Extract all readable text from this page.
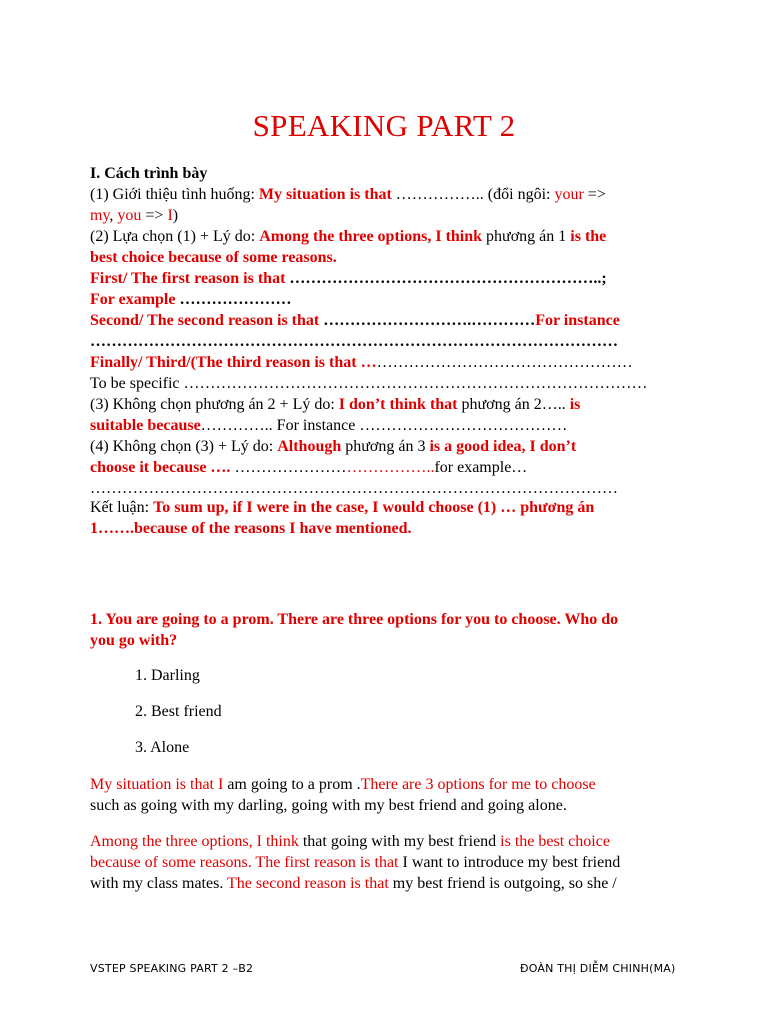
SPEAKING PART 2
I. Cách trình bày
(1) Giới thiệu tình huống: My situation is that …………….. (đổi ngôi: your =>
my, you => I)
(2) Lựa chọn (1) + Lý do: Among the three options, I think phương án 1 is the
best choice because of some reasons.
First/ The first reason is that …………………………………………………..;
For example …………………
Second/ The second reason is that ……………………….…………For instance
………………………………………………………………………………………
Finally/ Third/(The third reason is that ……………………………………………
To be specific ……………………………………………………………………………
(3) Không chọn phương án 2 + Lý do: I don’t think that phương án 2….. is
suitable because………….. For instance …………………………………
(4) Không chọn (3) + Lý do: Although phương án 3 is a good idea, I don’t
choose it because …. ………………………………..for example…
………………………………………………………………………………………
Kết luận: To sum up, if I were in the case, I would choose (1) … phương án
1…….because of the reasons I have mentioned.
1. You are going to a prom. There are three options for you to choose. Who do
you go with?
1. Darling
2. Best friend
3. Alone
My situation is that I am going to a prom .There are 3 options for me to choose
such as going with my darling, going with my best friend and going alone.
Among the three options, I think that going with my best friend is the best choice
because of some reasons. The first reason is that I want to introduce my best friend
with my class mates. The second reason is that my best friend is outgoing, so she /
VSTEP SPEAKING PART 2 –B2	ĐOÀN THỊ DIỄM CHINH(MA)
